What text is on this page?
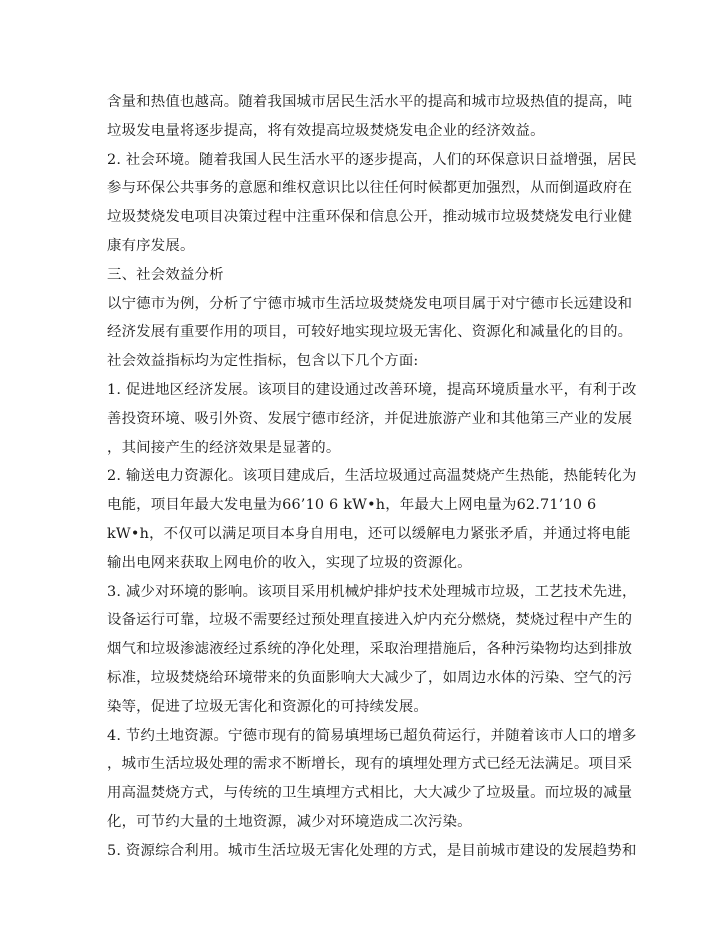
含量和热值也越高。随着我国城市居民生活水平的提高和城市垃圾热值的提高，吨
垃圾发电量将逐步提高，将有效提高垃圾焚烧发电企业的经济效益。
2. 社会环境。随着我国人民生活水平的逐步提高，人们的环保意识日益增强，居民
参与环保公共事务的意愿和维权意识比以往任何时候都更加强烈，从而倒逼政府在
垃圾焚烧发电项目决策过程中注重环保和信息公开，推动城市垃圾焚烧发电行业健
康有序发展。
三、社会效益分析
以宁德市为例，分析了宁德市城市生活垃圾焚烧发电项目属于对宁德市长远建设和
经济发展有重要作用的项目，可较好地实现垃圾无害化、资源化和减量化的目的。
社会效益指标均为定性指标，包含以下几个方面:
1. 促进地区经济发展。该项目的建设通过改善环境，提高环境质量水平，有利于改
善投资环境、吸引外资、发展宁德市经济，并促进旅游产业和其他第三产业的发展
，其间接产生的经济效果是显著的。
2. 输送电力资源化。该项目建成后，生活垃圾通过高温焚烧产生热能，热能转化为
电能，项目年最大发电量为66’10 6 kW•h，年最大上网电量为62.71’10 6
kW•h，不仅可以满足项目本身自用电，还可以缓解电力紧张矛盾，并通过将电能
输出电网来获取上网电价的收入，实现了垃圾的资源化。
3. 减少对环境的影响。该项目采用机械炉排炉技术处理城市垃圾，工艺技术先进，
设备运行可靠，垃圾不需要经过预处理直接进入炉内充分燃烧，焚烧过程中产生的
烟气和垃圾渗滤液经过系统的净化处理，采取治理措施后，各种污染物均达到排放
标准，垃圾焚烧给环境带来的负面影响大大减少了，如周边水体的污染、空气的污
染等，促进了垃圾无害化和资源化的可持续发展。
4. 节约土地资源。宁德市现有的简易填埋场已超负荷运行，并随着该市人口的增多
，城市生活垃圾处理的需求不断增长，现有的填埋处理方式已经无法满足。项目采
用高温焚烧方式，与传统的卫生填埋方式相比，大大减少了垃圾量。而垃圾的减量
化，可节约大量的土地资源，减少对环境造成二次污染。
5. 资源综合利用。城市生活垃圾无害化处理的方式，是目前城市建设的发展趋势和
